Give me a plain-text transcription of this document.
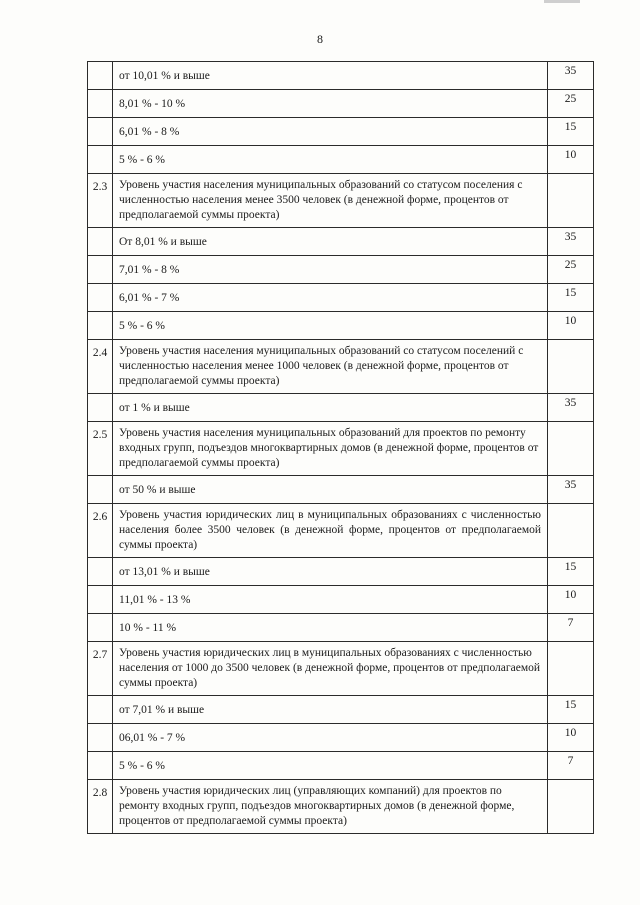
8
	от 10,01 % и выше	35
	8,01 % - 10 %	25
	6,01 % - 8 %	15
	5 % - 6 %	10
2.3	Уровень участия населения муниципальных образований со статусом поселения с численностью населения менее 3500 человек (в денежной форме, процентов от предполагаемой суммы проекта)	
	От 8,01 % и выше	35
	7,01 % - 8 %	25
	6,01 % - 7 %	15
	5 % - 6 %	10
2.4	Уровень участия населения муниципальных образований со статусом поселений с численностью населения менее 1000 человек (в денежной форме, процентов от предполагаемой суммы проекта)	
	от 1 % и выше	35
2.5	Уровень участия населения муниципальных образований для проектов по ремонту входных групп, подъездов многоквартирных домов (в денежной форме, процентов от предполагаемой суммы проекта)	
	от 50 % и выше	35
2.6	Уровень участия юридических лиц в муниципальных образованиях с численностью населения более 3500 человек (в денежной форме, процентов от предполагаемой суммы проекта)	
	от 13,01 % и выше	15
	11,01 % - 13 %	10
	10 % - 11 %	7
2.7	Уровень участия юридических лиц в муниципальных образованиях с численностью населения от 1000 до 3500 человек (в денежной форме, процентов от предполагаемой суммы проекта)	
	от 7,01 % и выше	15
	06,01 % - 7 %	10
	5 % - 6 %	7
2.8	Уровень участия юридических лиц (управляющих компаний) для проектов по ремонту входных групп, подъездов многоквартирных домов (в денежной форме, процентов от предполагаемой суммы проекта)	
